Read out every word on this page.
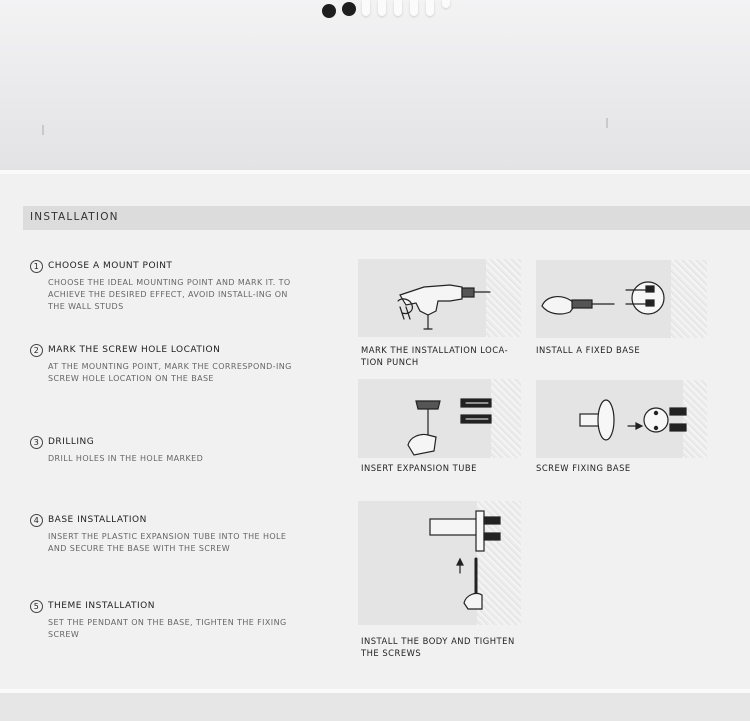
INSTALLATION
1 CHOOSE A MOUNT POINT
CHOOSE THE IDEAL MOUNTING POINT AND MARK IT. TO ACHIEVE THE DESIRED EFFECT, AVOID INSTALL-ING ON THE WALL STUDS
2 MARK THE SCREW HOLE LOCATION
AT THE MOUNTING POINT, MARK THE CORRESPOND-ING SCREW HOLE LOCATION ON THE BASE
3 DRILLING
DRILL HOLES IN THE HOLE MARKED
4 BASE INSTALLATION
INSERT THE PLASTIC EXPANSION TUBE INTO THE HOLE AND SECURE THE BASE WITH THE SCREW
5 THEME INSTALLATION
SET THE PENDANT ON THE BASE, TIGHTEN THE FIXING SCREW
MARK THE INSTALLATION LOCA-TION PUNCH
INSTALL A FIXED BASE
INSERT EXPANSION TUBE	SCREW FIXING BASE
INSTALL THE BODY AND TIGHTEN THE SCREWS
